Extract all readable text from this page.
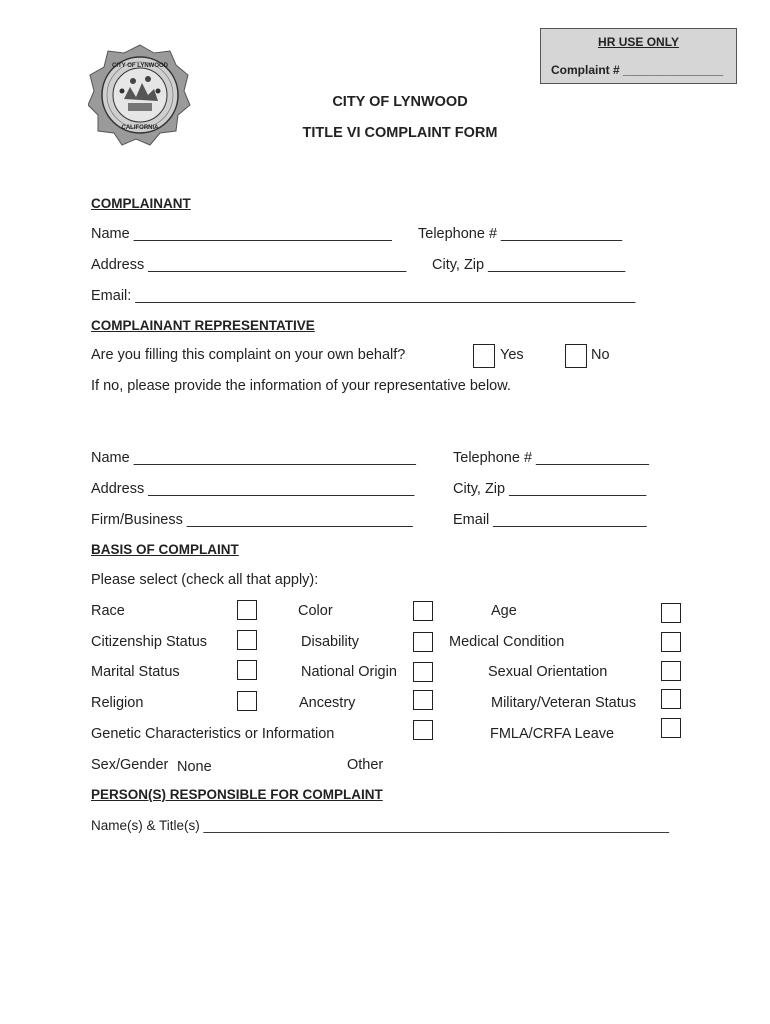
HR USE ONLY
Complaint # _______________
CITY OF LYNWOOD
CALIFORNIA
CITY OF LYNWOOD
TITLE VI COMPLAINT FORM
COMPLAINANT
Name ________________________________ Telephone # _______________
Address ________________________________ City, Zip _________________
Email: ______________________________________________________________
COMPLAINANT REPRESENTATIVE
Are you filling this complaint on your own behalf?	Yes	No
If no, please provide the information of your representative below.
Name ___________________________________	Telephone # ______________
Address _________________________________	City, Zip _________________
Firm/Business ____________________________	Email ___________________
BASIS OF COMPLAINT
Please select (check all that apply):
Race	Color	Age
Citizenship Status	Disability	Medical Condition
Marital Status	National Origin	Sexual Orientation
Religion	Ancestry	Military/Veteran Status
Genetic Characteristics or Information	FMLA/CRFA Leave
Sex/Gender None	Other
PERSON(S) RESPONSIBLE FOR COMPLAINT
Name(s) & Title(s) ______________________________________________________________
